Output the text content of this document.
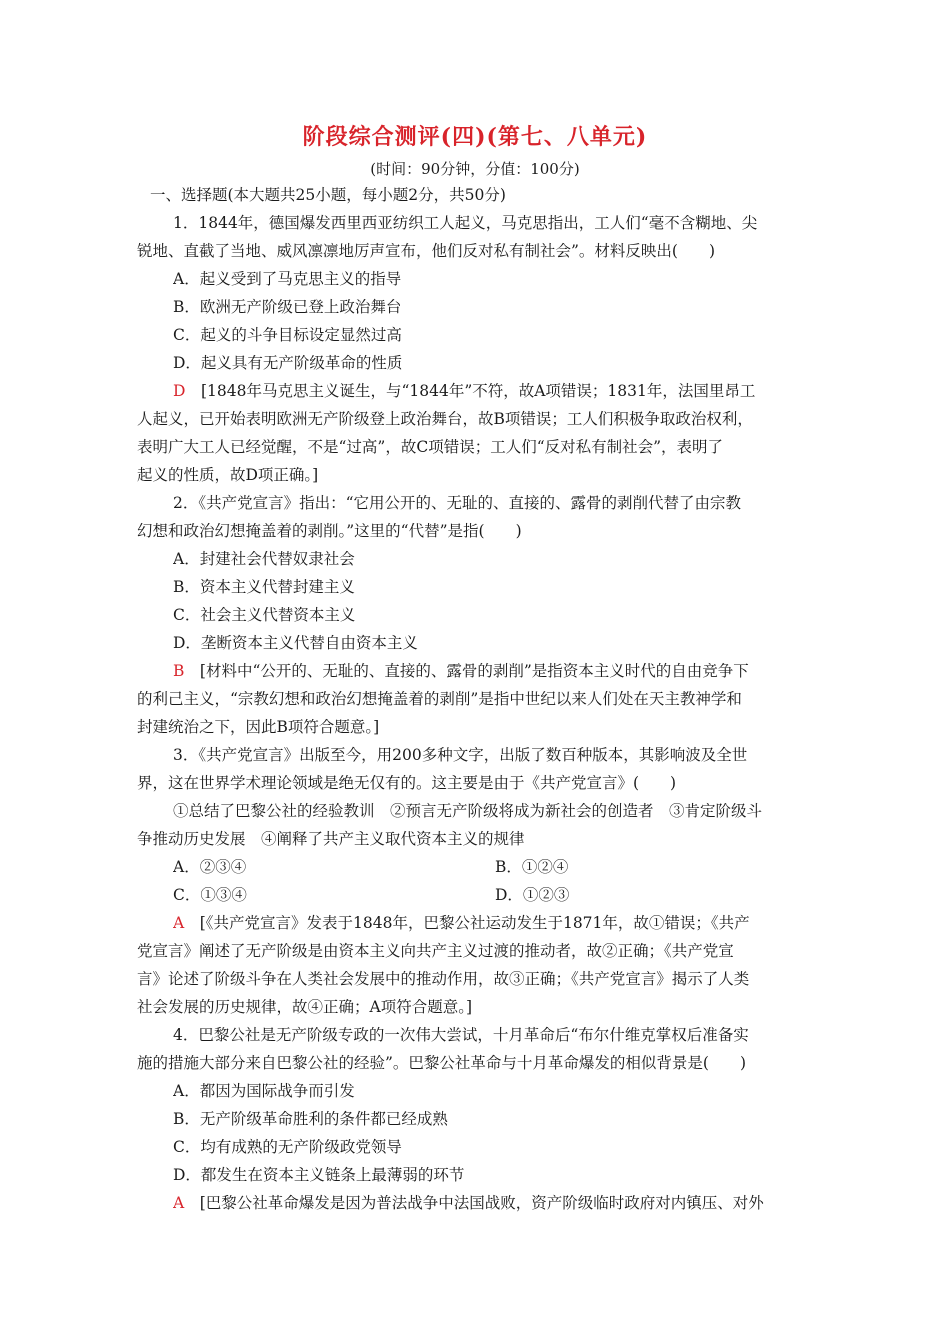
阶段综合测评(四)(第七、八单元)
(时间：90分钟，分值：100分)
一、选择题(本大题共25小题，每小题2分，共50分)
1．1844年，德国爆发西里西亚纺织工人起义，马克思指出，工人们“毫不含糊地、尖
锐地、直截了当地、威风凛凛地厉声宣布，他们反对私有制社会”。材料反映出(　　)
A．起义受到了马克思主义的指导
B．欧洲无产阶级已登上政治舞台
C．起义的斗争目标设定显然过高
D．起义具有无产阶级革命的性质
D　 [1848年马克思主义诞生，与“1844年”不符，故A项错误；1831年，法国里昂工
人起义，已开始表明欧洲无产阶级登上政治舞台，故B项错误；工人们积极争取政治权利，
表明广大工人已经觉醒，不是“过高”，故C项错误；工人们“反对私有制社会”，表明了
起义的性质，故D项正确。]
2．《共产党宣言》指出：“它用公开的、无耻的、直接的、露骨的剥削代替了由宗教
幻想和政治幻想掩盖着的剥削。”这里的“代替”是指(　　)
A．封建社会代替奴隶社会
B．资本主义代替封建主义
C．社会主义代替资本主义
D．垄断资本主义代替自由资本主义
B　 [材料中“公开的、无耻的、直接的、露骨的剥削”是指资本主义时代的自由竞争下
的利己主义，“宗教幻想和政治幻想掩盖着的剥削”是指中世纪以来人们处在天主教神学和
封建统治之下，因此B项符合题意。]
3．《共产党宣言》出版至今，用200多种文字，出版了数百种版本，其影响波及全世
界，这在世界学术理论领域是绝无仅有的。这主要是由于《共产党宣言》(　　)
①总结了巴黎公社的经验教训　②预言无产阶级将成为新社会的创造者　③肯定阶级斗
争推动历史发展　④阐释了共产主义取代资本主义的规律
A．②③④	B．①②④
C．①③④	D．①②③
A　 [《共产党宣言》发表于1848年，巴黎公社运动发生于1871年，故①错误；《共产
党宣言》阐述了无产阶级是由资本主义向共产主义过渡的推动者，故②正确；《共产党宣
言》论述了阶级斗争在人类社会发展中的推动作用，故③正确；《共产党宣言》揭示了人类
社会发展的历史规律，故④正确；A项符合题意。]
4．巴黎公社是无产阶级专政的一次伟大尝试，十月革命后“布尔什维克掌权后准备实
施的措施大部分来自巴黎公社的经验”。巴黎公社革命与十月革命爆发的相似背景是(　　)
A．都因为国际战争而引发
B．无产阶级革命胜利的条件都已经成熟
C．均有成熟的无产阶级政党领导
D．都发生在资本主义链条上最薄弱的环节
A　 [巴黎公社革命爆发是因为普法战争中法国战败，资产阶级临时政府对内镇压、对外
